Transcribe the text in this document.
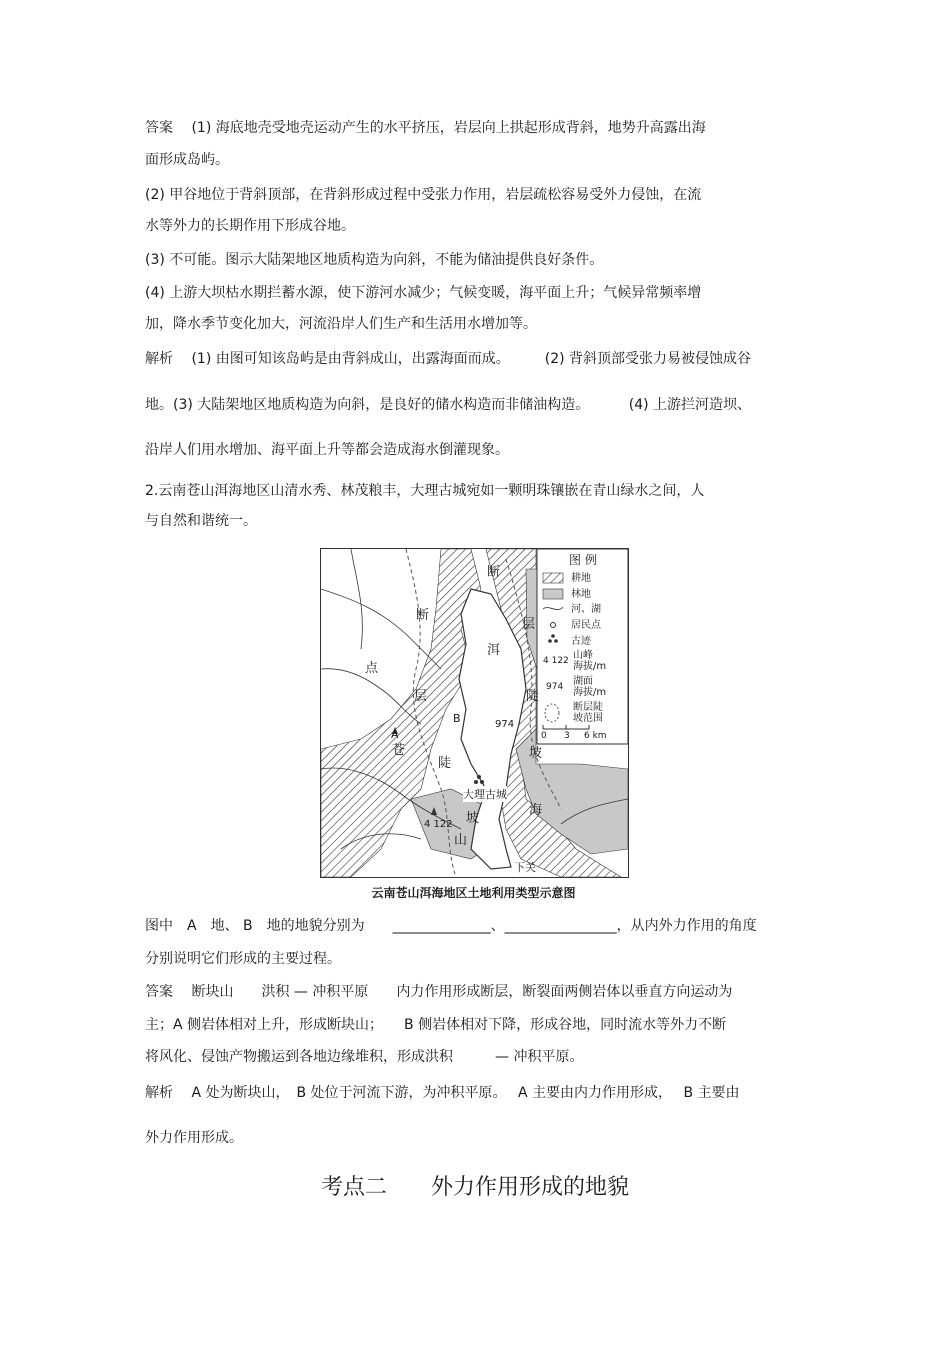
答案　 (1) 海底地壳受地壳运动产生的水平挤压，岩层向上拱起形成背斜，地势升高露出海
面形成岛屿。
(2) 甲谷地位于背斜顶部，在背斜形成过程中受张力作用，岩层疏松容易受外力侵蚀，在流
水等外力的长期作用下形成谷地。
(3) 不可能。图示大陆架地区地质构造为向斜，不能为储油提供良好条件。
(4) 上游大坝枯水期拦蓄水源，使下游河水减少；气候变暖，海平面上升；气候异常频率增
加，降水季节变化加大，河流沿岸人们生产和生活用水增加等。
解析　 (1) 由图可知该岛屿是由背斜成山，出露海面而成。　　　(2) 背斜顶部受张力易被侵蚀成谷
地。(3) 大陆架地区地质构造为向斜，是良好的储水构造而非储油构造。　　　 (4) 上游拦河造坝、
沿岸人们用水增加、海平面上升等都会造成海水倒灌现象。
2.云南苍山洱海地区山清水秀、林茂粮丰，大理古城宛如一颗明珠镶嵌在青山绿水之间，人
与自然和谐统一。
断
断
点
洱
层
层
B
A
苍
陡
陡
坡
974
海
大理古城
4 122 坡
山
下关
图 例
耕地
林地
河、湖
居民点
古迹
4 122 山峰
海拔/m
974 湖面
海拔/m
断层陡
坡范围
0 3 6 km
云南苍山洱海地区土地利用类型示意图
图中　A　地、 B　地的地貌分别为　　______________、________________，从内外力作用的角度
分别说明它们形成的主要过程。
答案　 断块山　　洪积 — 冲积平原　　内力作用形成断层，断裂面两侧岩体以垂直方向运动为
主；A 侧岩体相对上升，形成断块山；　　B 侧岩体相对下降，形成谷地，同时流水等外力不断
将风化、侵蚀产物搬运到各地边缘堆积，形成洪积　　　— 冲积平原。
解析　 A 处为断块山，　B 处位于河流下游，为冲积平原。　 A 主要由内力作用形成，　 B 主要由
外力作用形成。
考点二　　外力作用形成的地貌
